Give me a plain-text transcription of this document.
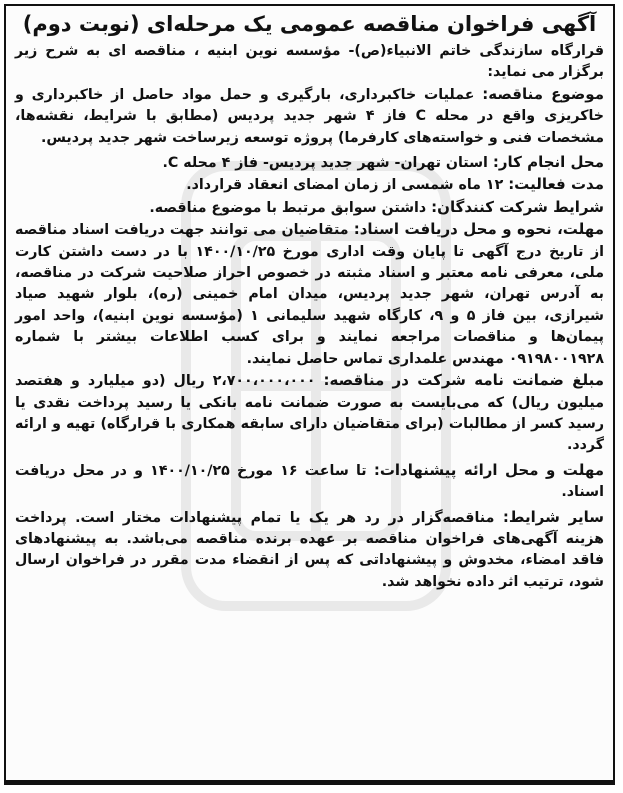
آگهی فراخوان مناقصه عمومی یک مرحله‌ای (نوبت دوم)

قرارگاه سازندگی خاتم الانبیاء(ص)- مؤسسه نوین ابنیه ، مناقصه ای به شرح زیر برگزار می نماید:

موضوع مناقصه: عملیات خاکبرداری، بارگیری و حمل مواد حاصل از خاکبرداری و خاکریزی واقع در محله C فاز ۴ شهر جدید پردیس (مطابق با شرایط، نقشه‌ها، مشخصات فنی و خواسته‌های کارفرما) پروژه توسعه زیرساخت شهر جدید پردیس.

محل انجام کار: استان تهران- شهر جدید پردیس- فاز ۴ محله C.

مدت فعالیت: ۱۲ ماه شمسی از زمان امضای انعقاد قرارداد.

شرایط شرکت کنندگان: داشتن سوابق مرتبط با موضوع مناقصه.

مهلت، نحوه و محل دریافت اسناد: متقاضیان می توانند جهت دریافت اسناد مناقصه از تاریخ درج آگهی تا پایان وقت اداری مورخ ۱۴۰۰/۱۰/۲۵ با در دست داشتن کارت ملی، معرفی نامه معتبر و اسناد مثبته در خصوص احراز صلاحیت شرکت در مناقصه، به آدرس تهران، شهر جدید پردیس، میدان امام خمینی (ره)، بلوار شهید صیاد شیرازی، بین فاز ۵ و ۹، کارگاه شهید سلیمانی ۱ (مؤسسه نوین ابنیه)، واحد امور پیمان‌ها و مناقصات مراجعه نمایند و برای کسب اطلاعات بیشتر با شماره ۰۹۱۹۸۰۰۱۹۲۸ مهندس علمداری تماس حاصل نمایند.

مبلغ ضمانت نامه شرکت در مناقصه: ۲،۷۰۰،۰۰۰،۰۰۰ ریال (دو میلیارد و هفتصد میلیون ریال) که می‌بایست به صورت ضمانت نامه بانکی یا رسید پرداخت نقدی یا رسید کسر از مطالبات (برای متقاضیان دارای سابقه همکاری با قرارگاه) تهیه و ارائه گردد.

مهلت و محل ارائه پیشنهادات: تا ساعت ۱۶ مورخ ۱۴۰۰/۱۰/۲۵ و در محل دریافت اسناد.

سایر شرایط: مناقصه‌گزار در رد هر یک یا تمام پیشنهادات مختار است. پرداخت هزینه آگهی‌های فراخوان مناقصه بر عهده برنده مناقصه می‌باشد. به پیشنهادهای فاقد امضاء، مخدوش و پیشنهاداتی که پس از انقضاء مدت مقرر در فراخوان ارسال شود، ترتیب اثر داده نخواهد شد.
